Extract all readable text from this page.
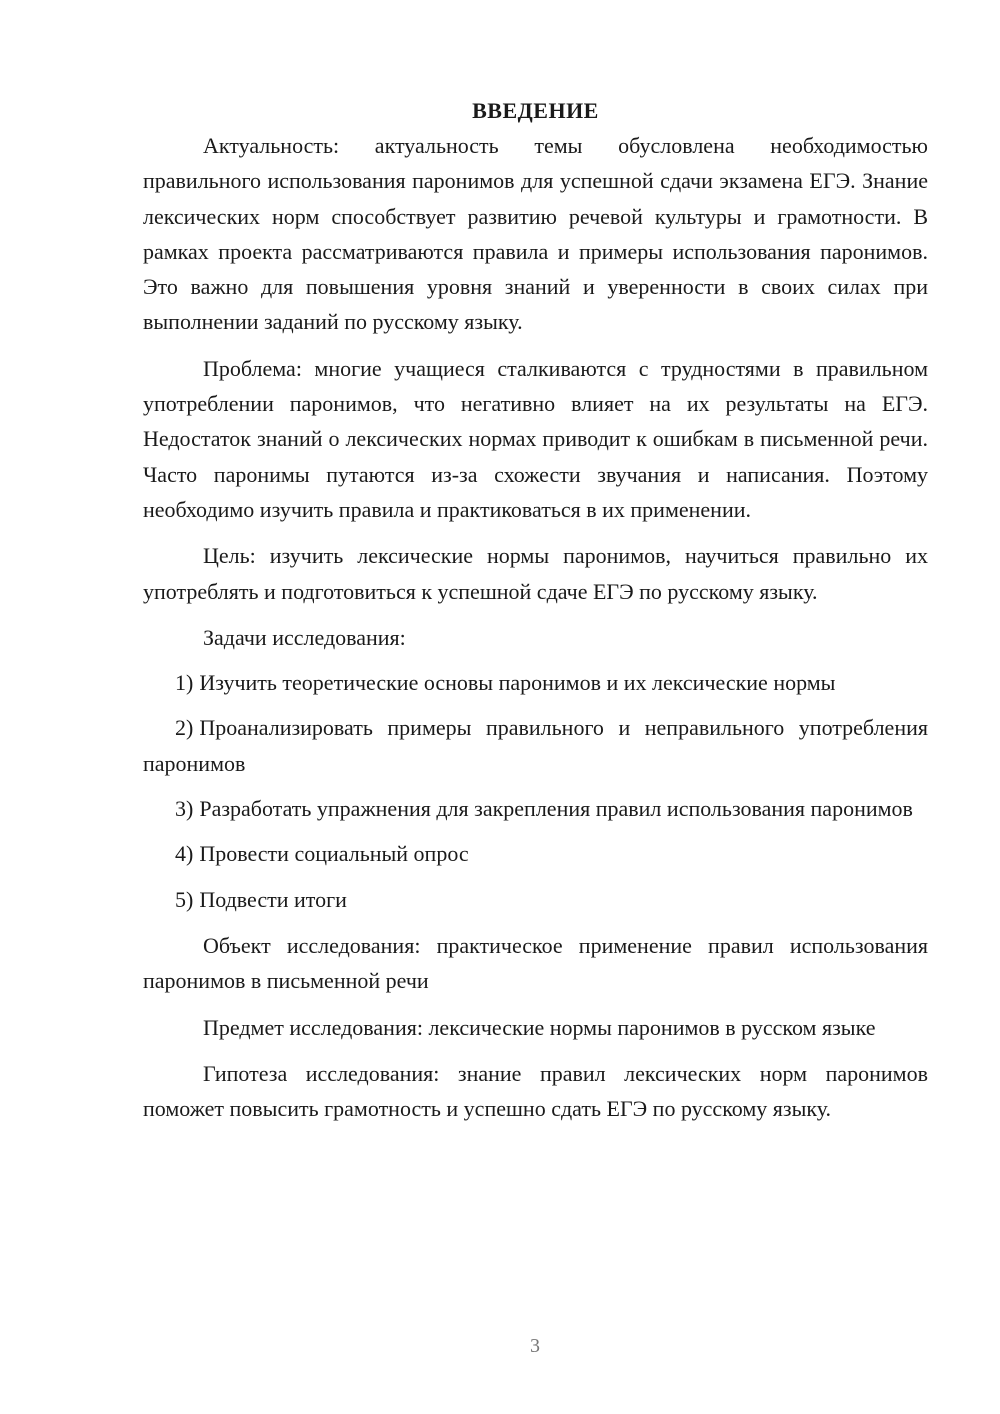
ВВЕДЕНИЕ

Актуальность: актуальность темы обусловлена необходимостью правильного использования паронимов для успешной сдачи экзамена ЕГЭ. Знание лексических норм способствует развитию речевой культуры и грамотности. В рамках проекта рассматриваются правила и примеры использования паронимов. Это важно для повышения уровня знаний и уверенности в своих силах при выполнении заданий по русскому языку.

Проблема: многие учащиеся сталкиваются с трудностями в правильном употреблении паронимов, что негативно влияет на их результаты на ЕГЭ. Недостаток знаний о лексических нормах приводит к ошибкам в письменной речи. Часто паронимы путаются из-за схожести звучания и написания. Поэтому необходимо изучить правила и практиковаться в их применении.

Цель: изучить лексические нормы паронимов, научиться правильно их употреблять и подготовиться к успешной сдаче ЕГЭ по русскому языку.

Задачи исследования:

1) Изучить теоретические основы паронимов и их лексические нормы

2) Проанализировать примеры правильного и неправильного употребления паронимов

3) Разработать упражнения для закрепления правил использования паронимов

4) Провести социальный опрос

5) Подвести итоги

Объект исследования: практическое применение правил использования паронимов в письменной речи

Предмет исследования: лексические нормы паронимов в русском языке

Гипотеза исследования: знание правил лексических норм паронимов поможет повысить грамотность и успешно сдать ЕГЭ по русскому языку.

3
